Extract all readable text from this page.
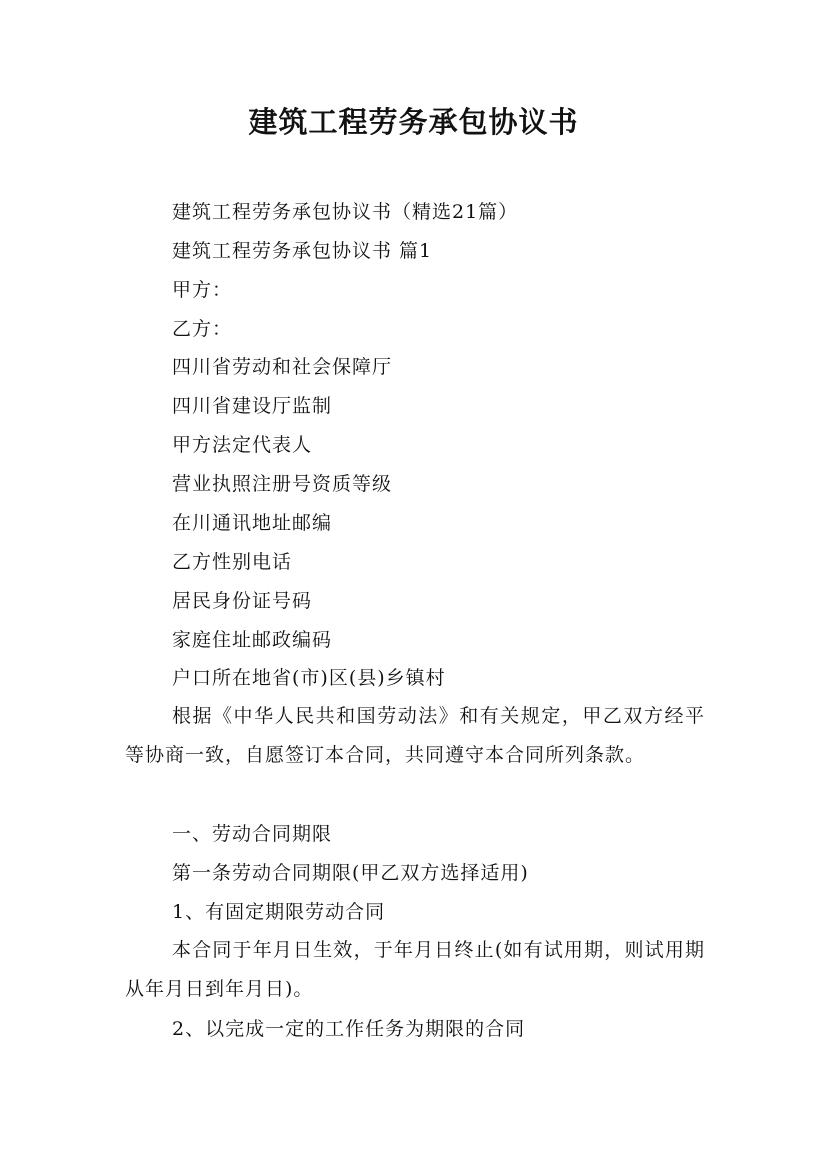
建筑工程劳务承包协议书
建筑工程劳务承包协议书（精选21篇）
建筑工程劳务承包协议书 篇1
甲方：
乙方：
四川省劳动和社会保障厅
四川省建设厅监制
甲方法定代表人
营业执照注册号资质等级
在川通讯地址邮编
乙方性别电话
居民身份证号码
家庭住址邮政编码
户口所在地省(市)区(县)乡镇村
根据《中华人民共和国劳动法》和有关规定，甲乙双方经平等协商一致，自愿签订本合同，共同遵守本合同所列条款。
一、劳动合同期限
第一条劳动合同期限(甲乙双方选择适用)
1、有固定期限劳动合同
本合同于年月日生效，于年月日终止(如有试用期，则试用期从年月日到年月日)。
2、以完成一定的工作任务为期限的合同
